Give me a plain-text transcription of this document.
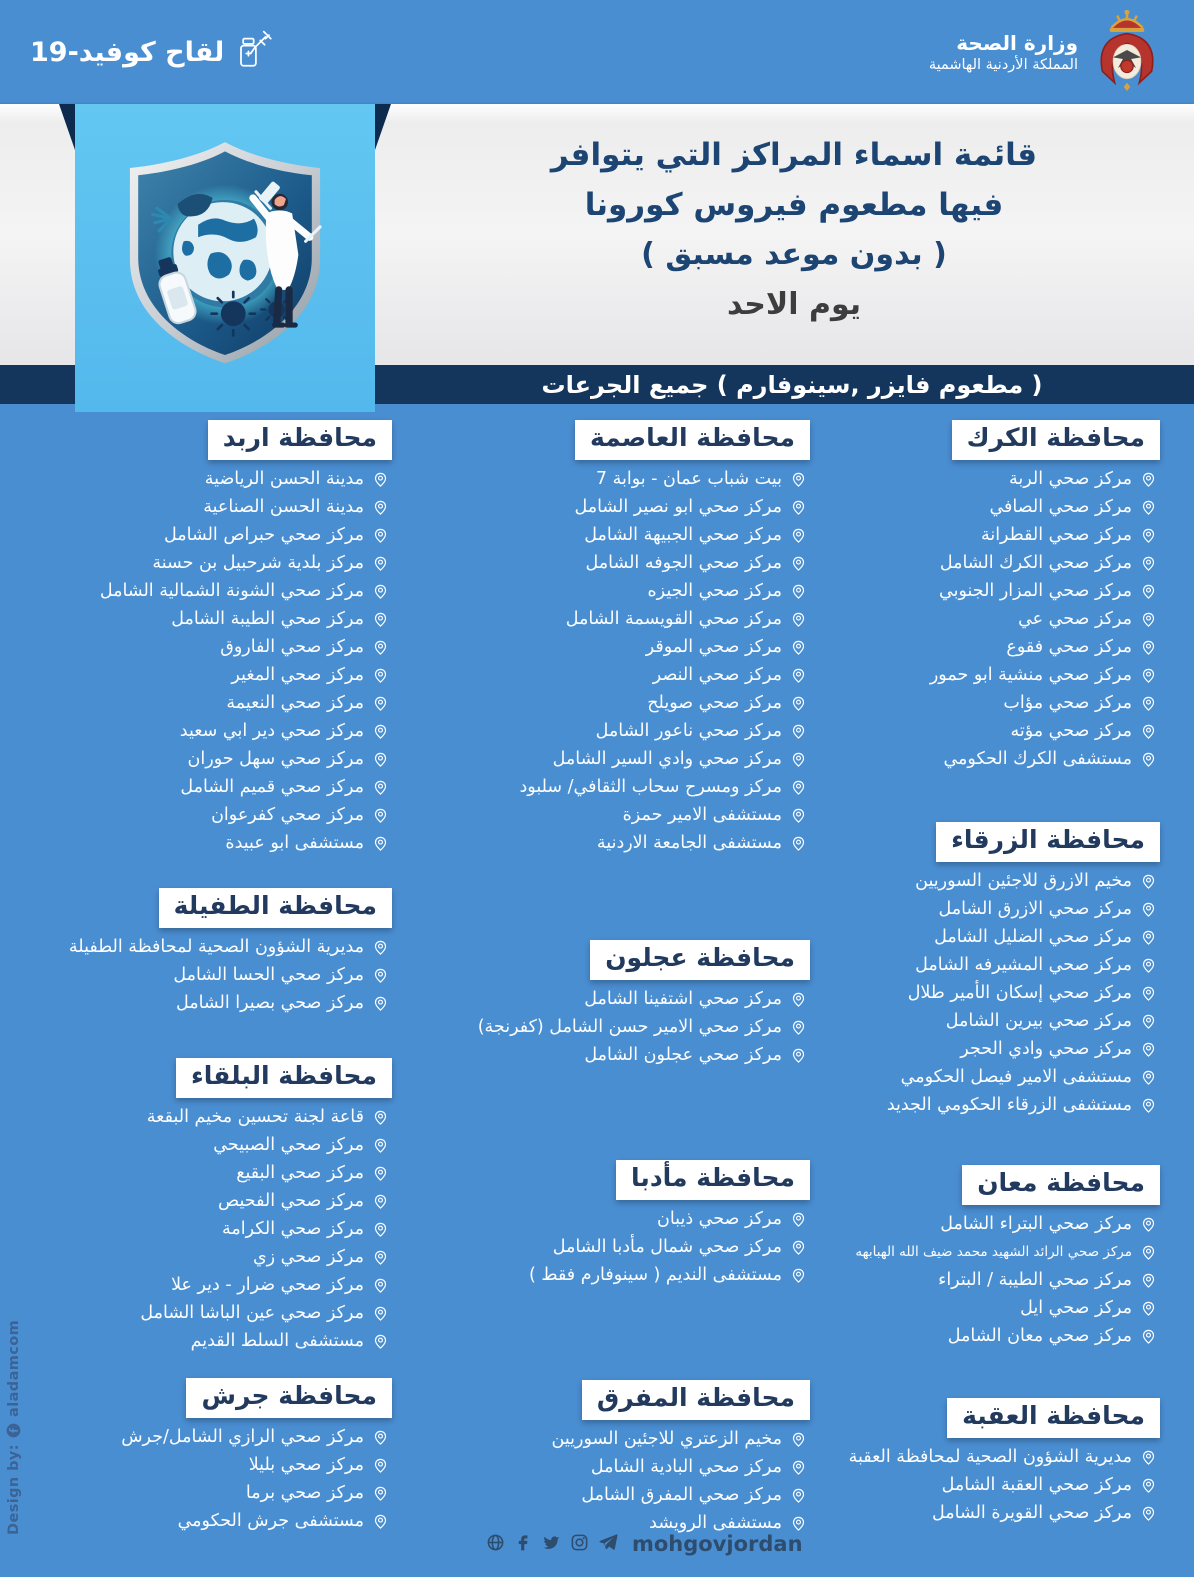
لقاح كوفيد-19	وزارة الصحة
المملكة الأردنية الهاشمية
قائمة اسماء المراكز التي يتوافر
فيها مطعوم فيروس كورونا
( بدون موعد مسبق )
يوم الاحد
( مطعوم فايزر ,سينوفارم ) جميع الجرعات
محافظة اربد
مدينة الحسن الرياضية
مدينة الحسن الصناعية
مركز صحي حبراص الشامل
مركز بلدية شرحبيل بن حسنة
مركز صحي الشونة الشمالية الشامل
مركز صحي الطيبة الشامل
مركز صحي الفاروق
مركز صحي المغير
مركز صحي النعيمة
مركز صحي دير ابي سعيد
مركز صحي سهل حوران
مركز صحي قميم الشامل
مركز صحي كفرعوان
مستشفى ابو عبيدة
محافظة الطفيلة
مديرية الشؤون الصحية لمحافظة الطفيلة
مركز صحي الحسا الشامل
مركز صحي بصيرا الشامل
محافظة البلقاء
قاعة لجنة تحسين مخيم البقعة
مركز صحي الصبيحي
مركز صحي البقيع
مركز صحي الفحيص
مركز صحي الكرامة
مركز صحي زي
مركز صحي ضرار - دير علا
مركز صحي عين الباشا الشامل
مستشفى السلط القديم
محافظة جرش
مركز صحي الرازي الشامل/جرش
مركز صحي بليلا
مركز صحي برما
مستشفى جرش الحكومي
محافظة العاصمة
بيت شباب عمان - بوابة 7
مركز صحي ابو نصير الشامل
مركز صحي الجبيهة الشامل
مركز صحي الجوفه الشامل
مركز صحي الجيزه
مركز صحي القويسمة الشامل
مركز صحي الموقر
مركز صحي النصر
مركز صحي صويلح
مركز صحي ناعور الشامل
مركز صحي وادي السير الشامل
مركز ومسرح سحاب الثقافي/ سلبود
مستشفى الامير حمزة
مستشفى الجامعة الاردنية
محافظة عجلون
مركز صحي اشتفينا الشامل
مركز صحي الامير حسن الشامل (كفرنجة)
مركز صحي عجلون الشامل
محافظة مأدبا
مركز صحي ذيبان
مركز صحي شمال مأدبا الشامل
مستشفى النديم ( سينوفارم فقط )
محافظة المفرق
مخيم الزعتري للاجئين السوريين
مركز صحي البادية الشامل
مركز صحي المفرق الشامل
مستشفى الرويشد
محافظة الكرك
مركز صحي الربة
مركز صحي الصافي
مركز صحي القطرانة
مركز صحي الكرك الشامل
مركز صحي المزار الجنوبي
مركز صحي عي
مركز صحي فقوع
مركز صحي منشية ابو حمور
مركز صحي مؤاب
مركز صحي مؤته
مستشفى الكرك الحكومي
محافظة الزرقاء
مخيم الازرق للاجئين السوريين
مركز صحي الازرق الشامل
مركز صحي الضليل الشامل
مركز صحي المشيرفه الشامل
مركز صحي إسكان الأمير طلال
مركز صحي بيرين الشامل
مركز صحي وادي الحجر
مستشفى الامير فيصل الحكومي
مستشفى الزرقاء الحكومي الجديد
محافظة معان
مركز صحي البتراء الشامل
مركز صحي الرائد الشهيد محمد ضيف الله الهبابهه
مركز صحي الطيبة / البتراء
مركز صحي ايل
مركز صحي معان الشامل
محافظة العقبة
مديرية الشؤون الصحية لمحافظة العقبة
مركز صحي العقبة الشامل
مركز صحي القويرة الشامل
mohgovjordan
Design by:
aladamcom
